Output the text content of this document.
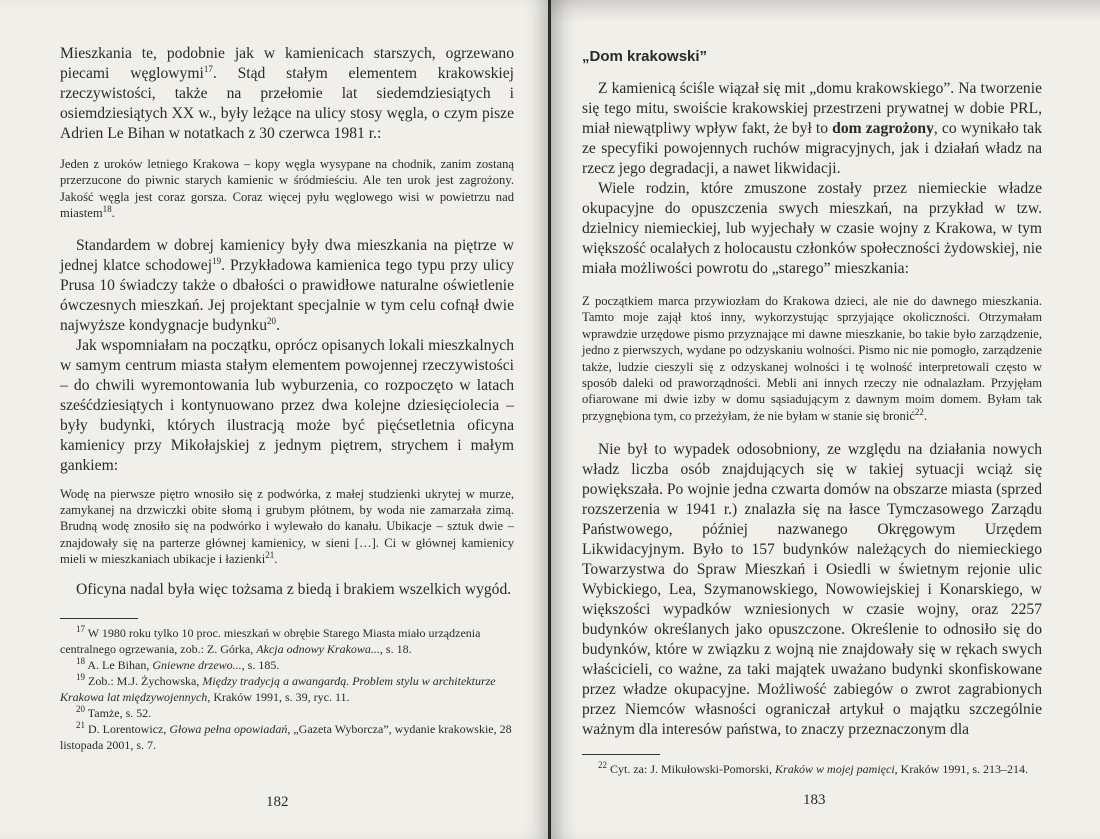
Mieszkania te, podobnie jak w kamienicach starszych, ogrzewano piecami węglowymi$^{17}$. Stąd stałym elementem krakowskiej rzeczywistości, także na przełomie lat siedemdziesiątych i osiemdziesiątych XX w., były leżące na ulicy stosy węgla, o czym pisze Adrien Le Bihan w notatkach z 30 czerwca 1981 r.:

Jeden z uroków letniego Krakowa – kopy węgla wysypane na chodnik, zanim zostaną przerzucone do piwnic starych kamienic w śródmieściu. Ale ten urok jest zagrożony. Jakość węgla jest coraz gorsza. Coraz więcej pyłu węglowego wisi w powietrzu nad miastem$^{18}$.

Standardem w dobrej kamienicy były dwa mieszkania na piętrze w jednej klatce schodowej$^{19}$. Przykładowa kamienica tego typu przy ulicy Prusa 10 świadczy także o dbałości o prawidłowe naturalne oświetlenie ówczesnych mieszkań. Jej projektant specjalnie w tym celu cofnął dwie najwyższe kondygnacje budynku$^{20}$.

Jak wspomniałam na początku, oprócz opisanych lokali mieszkalnych w samym centrum miasta stałym elementem powojennej rzeczywistości – do chwili wyremontowania lub wyburzenia, co rozpoczęto w latach sześćdziesiątych i kontynuowano przez dwa kolejne dziesięciolecia – były budynki, których ilustracją może być pięćsetletnia oficyna kamienicy przy Mikołajskiej z jednym piętrem, strychem i małym gankiem:

Wodę na pierwsze piętro wnosiło się z podwórka, z małej studzienki ukrytej w murze, zamykanej na drzwiczki obite słomą i grubym płótnem, by woda nie zamarzała zimą. Brudną wodę znosiło się na podwórko i wylewało do kanału. Ubikacje – sztuk dwie – znajdowały się na parterze głównej kamienicy, w sieni […]. Ci w głównej kamienicy mieli w mieszkaniach ubikacje i łazienki$^{21}$.

Oficyna nadal była więc tożsama z biedą i brakiem wszelkich wygód.

$^{17}$ W 1980 roku tylko 10 proc. mieszkań w obrębie Starego Miasta miało urządzenia centralnego ogrzewania, zob.: Z. Górka, Akcja odnowy Krakowa..., s. 18.

$^{18}$ A. Le Bihan, Gniewne drzewo..., s. 185.

$^{19}$ Zob.: M.J. Żychowska, Między tradycją a awangardą. Problem stylu w architekturze Krakowa lat międzywojennych, Kraków 1991, s. 39, ryc. 11.

$^{20}$ Tamże, s. 52.

$^{21}$ D. Lorentowicz, Głowa pełna opowiadań, „Gazeta Wyborcza”, wydanie krakowskie, 28 listopada 2001, s. 7.

182
„Dom krakowski”

Z kamienicą ściśle wiązał się mit „domu krakowskiego”. Na tworzenie się tego mitu, swoiście krakowskiej przestrzeni prywatnej w dobie PRL, miał niewątpliwy wpływ fakt, że był to dom zagrożony, co wynikało tak ze specyfiki powojennych ruchów migracyjnych, jak i działań władz na rzecz jego degradacji, a nawet likwidacji.

Wiele rodzin, które zmuszone zostały przez niemieckie władze okupacyjne do opuszczenia swych mieszkań, na przykład w tzw. dzielnicy niemieckiej, lub wyjechały w czasie wojny z Krakowa, w tym większość ocalałych z holocaustu członków społeczności żydowskiej, nie miała możliwości powrotu do „starego” mieszkania:

Z początkiem marca przywiozłam do Krakowa dzieci, ale nie do dawnego mieszkania. Tamto moje zajął ktoś inny, wykorzystując sprzyjające okoliczności. Otrzymałam wprawdzie urzędowe pismo przyznające mi dawne mieszkanie, bo takie było zarządzenie, jedno z pierwszych, wydane po odzyskaniu wolności. Pismo nic nie pomogło, zarządzenie także, ludzie cieszyli się z odzyskanej wolności i tę wolność interpretowali często w sposób daleki od praworządności. Mebli ani innych rzeczy nie odnalazłam. Przyjęłam ofiarowane mi dwie izby w domu sąsiadującym z dawnym moim domem. Byłam tak przygnębiona tym, co przeżyłam, że nie byłam w stanie się bronić$^{22}$.

Nie był to wypadek odosobniony, ze względu na działania nowych władz liczba osób znajdujących się w takiej sytuacji wciąż się powiększała. Po wojnie jedna czwarta domów na obszarze miasta (sprzed rozszerzenia w 1941 r.) znalazła się na łasce Tymczasowego Zarządu Państwowego, później nazwanego Okręgowym Urzędem Likwidacyjnym. Było to 157 budynków należących do niemieckiego Towarzystwa do Spraw Mieszkań i Osiedli w świetnym rejonie ulic Wybickiego, Lea, Szymanowskiego, Nowowiejskiej i Konarskiego, w większości wypadków wzniesionych w czasie wojny, oraz 2257 budynków określanych jako opuszczone. Określenie to odnosiło się do budynków, które w związku z wojną nie znajdowały się w rękach swych właścicieli, co ważne, za taki majątek uważano budynki skonfiskowane przez władze okupacyjne. Możliwość zabiegów o zwrot zagrabionych przez Niemców własności ograniczał artykuł o majątku szczególnie ważnym dla interesów państwa, to znaczy przeznaczonym dla

$^{22}$ Cyt. za: J. Mikułowski-Pomorski, Kraków w mojej pamięci, Kraków 1991, s. 213–214.

183
